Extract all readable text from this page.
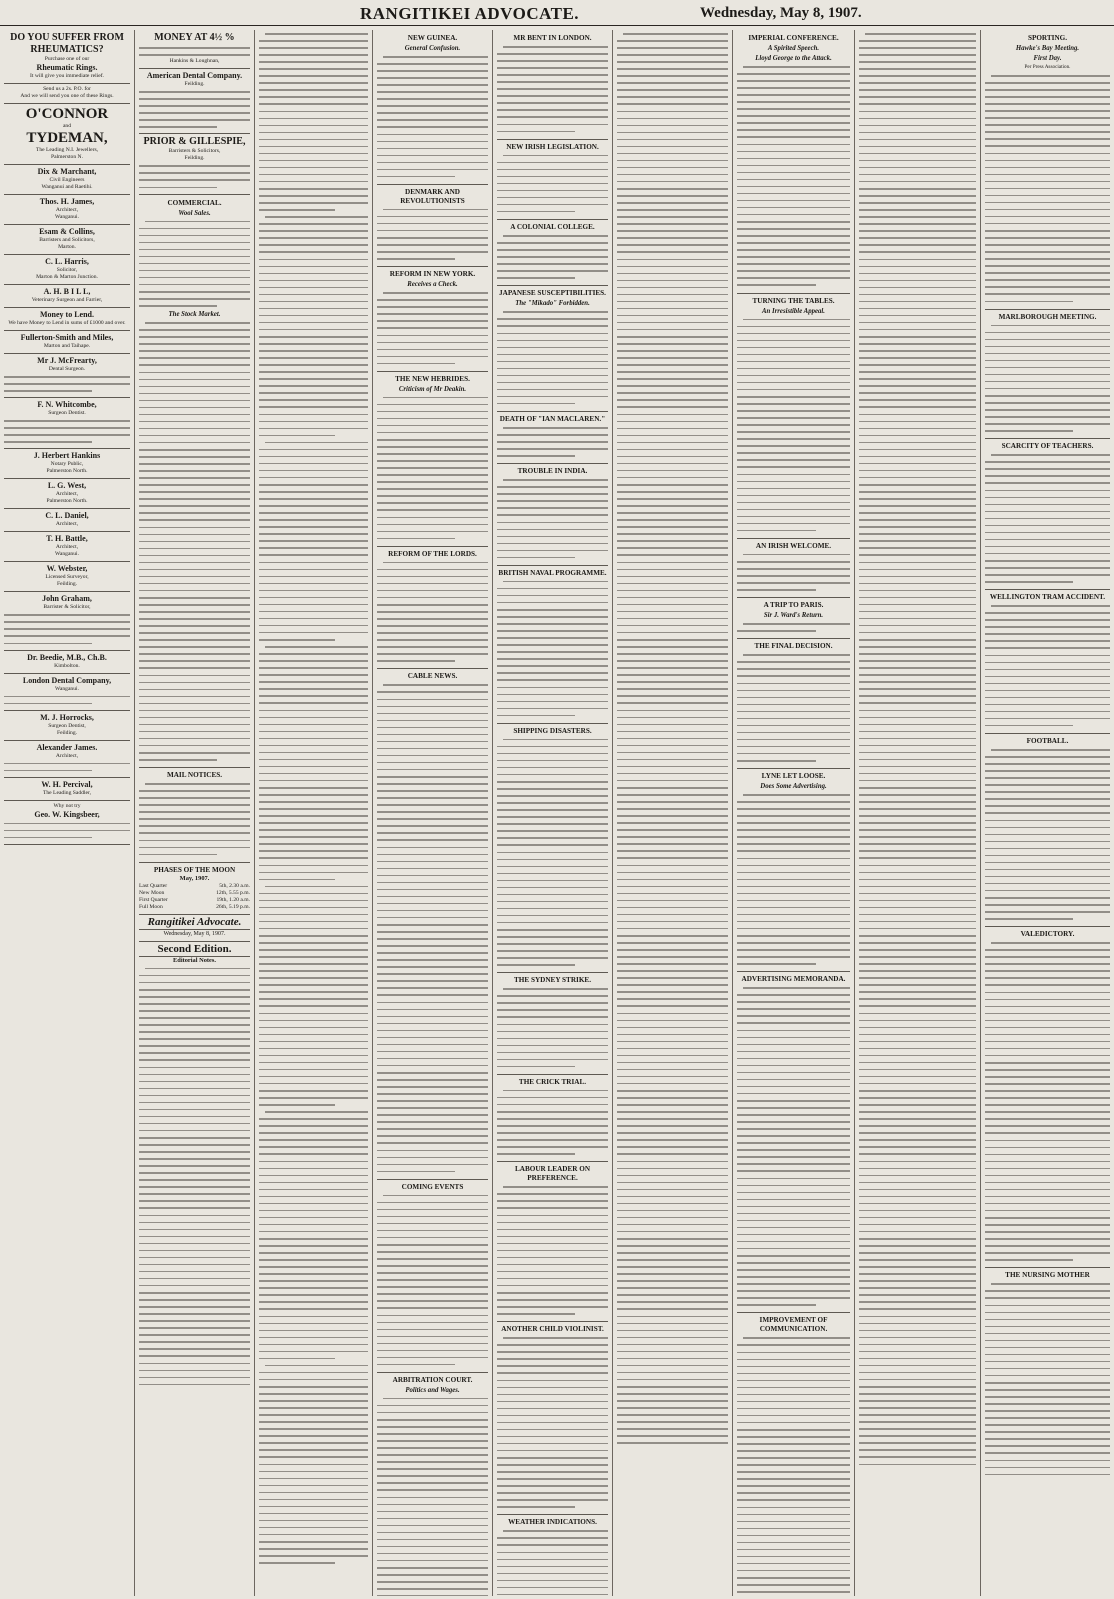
RANGITIKEI ADVOCATE.	Wednesday, May 8, 1907.
DO YOU SUFFER FROM RHEUMATICS?
Purchase one of our
Rheumatic Rings.
It will give you immediate relief.
Send us a 2s. P.O. for
And we will send you one of these Rings.
O'CONNOR
and
TYDEMAN,
The Leading N.I. Jewellers,
Palmerston N.
Dix & Marchant,
Civil Engineers
Wanganui and Raetihi.
Thos. H. James,
Architect,
Wanganui.
Esam & Collins,
Barristers and Solicitors,
Marton.
C. L. Harris,
Solicitor,
Marton & Marton Junction.
A. H. B I L L,
Veterinary Surgeon and Farrier,
Money to Lend.
We have Money to Lend in sums of £1000 and over.
Fullerton-Smith and Miles,
Marton and Taihape.
Mr J. McFrearty,
Dental Surgeon.
F. N. Whitcombe,
Surgeon Dentist.
J. Herbert Hankins
Notary Public,
Palmerston North.
L. G. West,
Architect,
Palmerston North.
C. L. Daniel,
Architect,
T. H. Battle,
Architect,
Wanganui.
W. Webster,
Licensed Surveyor,
Feilding.
John Graham,
Barrister & Solicitor,
Dr. Beedie, M.B., Ch.B.
Kimbolton.
London Dental Company,
Wanganui.
M. J. Horrocks,
Surgeon Dentist,
Feilding.
Alexander James.
Architect,
W. H. Percival,
The Leading Saddler,
Why not try
Geo. W. Kingsbeer,
MONEY AT 4½ %
Hankins & Loughnan,
American Dental Company.
Feilding.
PRIOR & GILLESPIE,
Barristers & Solicitors,
Feilding.
COMMERCIAL.
Wool Sales.
The Stock Market.
MAIL NOTICES.
PHASES OF THE MOON
May, 1907.
Last Quarter	5th, 2.30 a.m.
New Moon	12th, 5.55 p.m.
First Quarter	19th, 1.20 a.m.
Full Moon	26th, 5.19 p.m.
Rangitikei Advocate.
Wednesday, May 8, 1907.
Second Edition.
Editorial Notes.
NEW GUINEA.
General Confusion.
DENMARK AND REVOLUTIONISTS
REFORM IN NEW YORK.
Receives a Check.
THE NEW HEBRIDES.
Criticism of Mr Deakin.
REFORM OF THE LORDS.
CABLE NEWS.
COMING EVENTS
ARBITRATION COURT.
Politics and Wages.
MR BENT IN LONDON.
NEW IRISH LEGISLATION.
A COLONIAL COLLEGE.
JAPANESE SUSCEPTIBILITIES.
The "Mikado" Forbidden.
DEATH OF "IAN MACLAREN."
TROUBLE IN INDIA.
BRITISH NAVAL PROGRAMME.
SHIPPING DISASTERS.
THE SYDNEY STRIKE.
THE CRICK TRIAL.
LABOUR LEADER ON PREFERENCE.
ANOTHER CHILD VIOLINIST.
WEATHER INDICATIONS.
IMPERIAL CONFERENCE.
A Spirited Speech.
Lloyd George to the Attack.
TURNING THE TABLES.
An Irresistible Appeal.
AN IRISH WELCOME.
A TRIP TO PARIS.
Sir J. Ward's Return.
THE FINAL DECISION.
LYNE LET LOOSE.
Does Some Advertising.
ADVERTISING MEMORANDA.
IMPROVEMENT OF COMMUNICATION.
SPORTING.
Hawke's Bay Meeting.
First Day.
Per Press Association.
MARLBOROUGH MEETING.
SCARCITY OF TEACHERS.
WELLINGTON TRAM ACCIDENT.
FOOTBALL.
VALEDICTORY.
THE NURSING MOTHER
